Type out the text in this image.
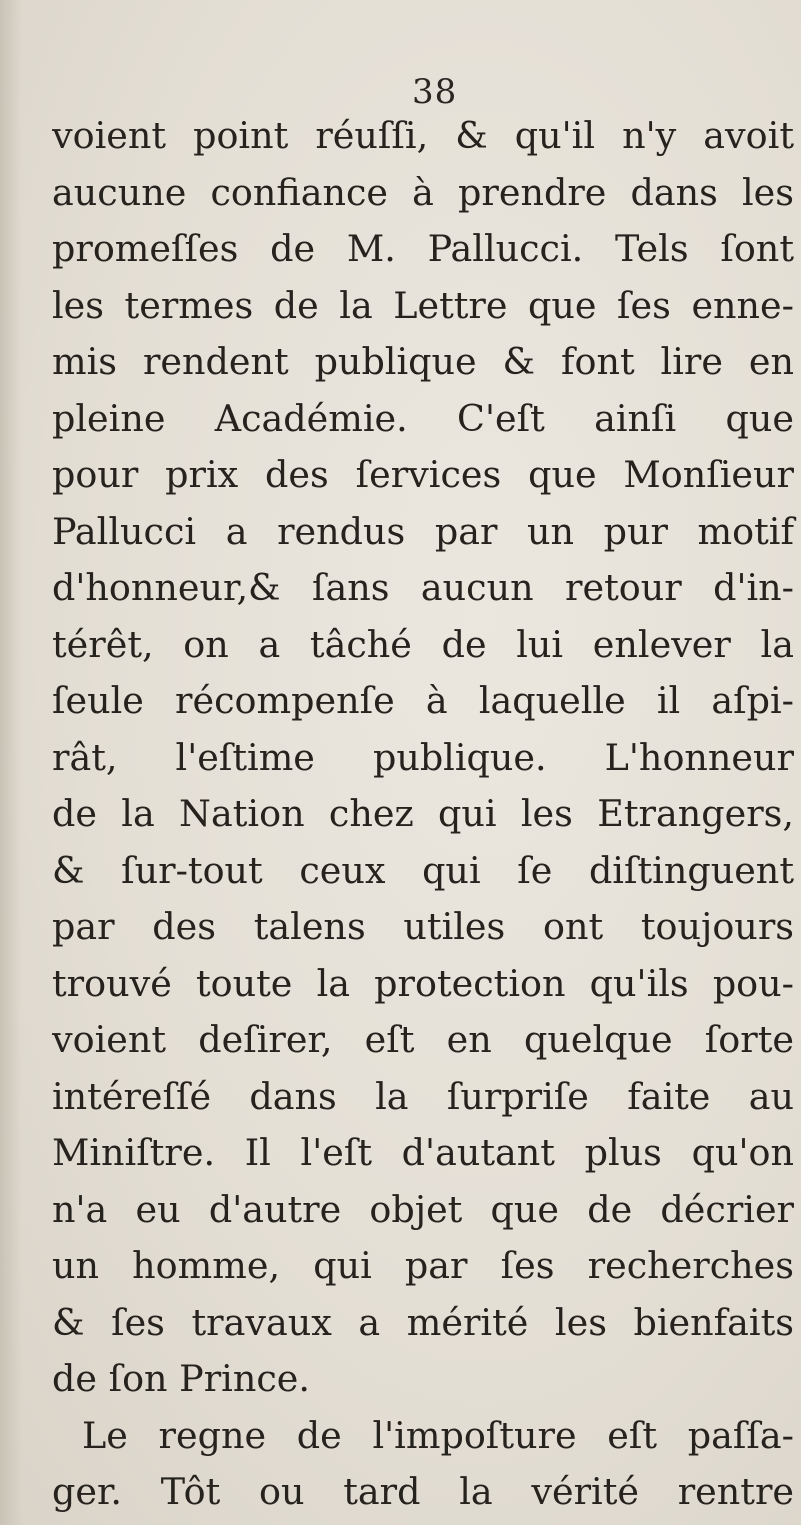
38
voient point réuſſi, & qu'il n'y avoit
aucune confiance à prendre dans les
promeſſes de M. Pallucci. Tels ſont
les termes de la Lettre que ſes enne-
mis rendent publique & font lire en
pleine Académie. C'eſt ainſi que
pour prix des ſervices que Monſieur
Pallucci a rendus par un pur motif
d'honneur,& ſans aucun retour d'in-
térêt, on a tâché de lui enlever la
ſeule récompenſe à laquelle il aſpi-
rât, l'eſtime publique. L'honneur
de la Nation chez qui les Etrangers,
& ſur-tout ceux qui ſe diſtinguent
par des talens utiles ont toujours
trouvé toute la protection qu'ils pou-
voient deſirer, eſt en quelque ſorte
intéreſſé dans la ſurpriſe faite au
Miniſtre. Il l'eſt d'autant plus qu'on
n'a eu d'autre objet que de décrier
un homme, qui par ſes recherches
& ſes travaux a mérité les bienfaits
de ſon Prince.
Le regne de l'impoſture eſt paſſa-
ger. Tôt ou tard la vérité rentre
